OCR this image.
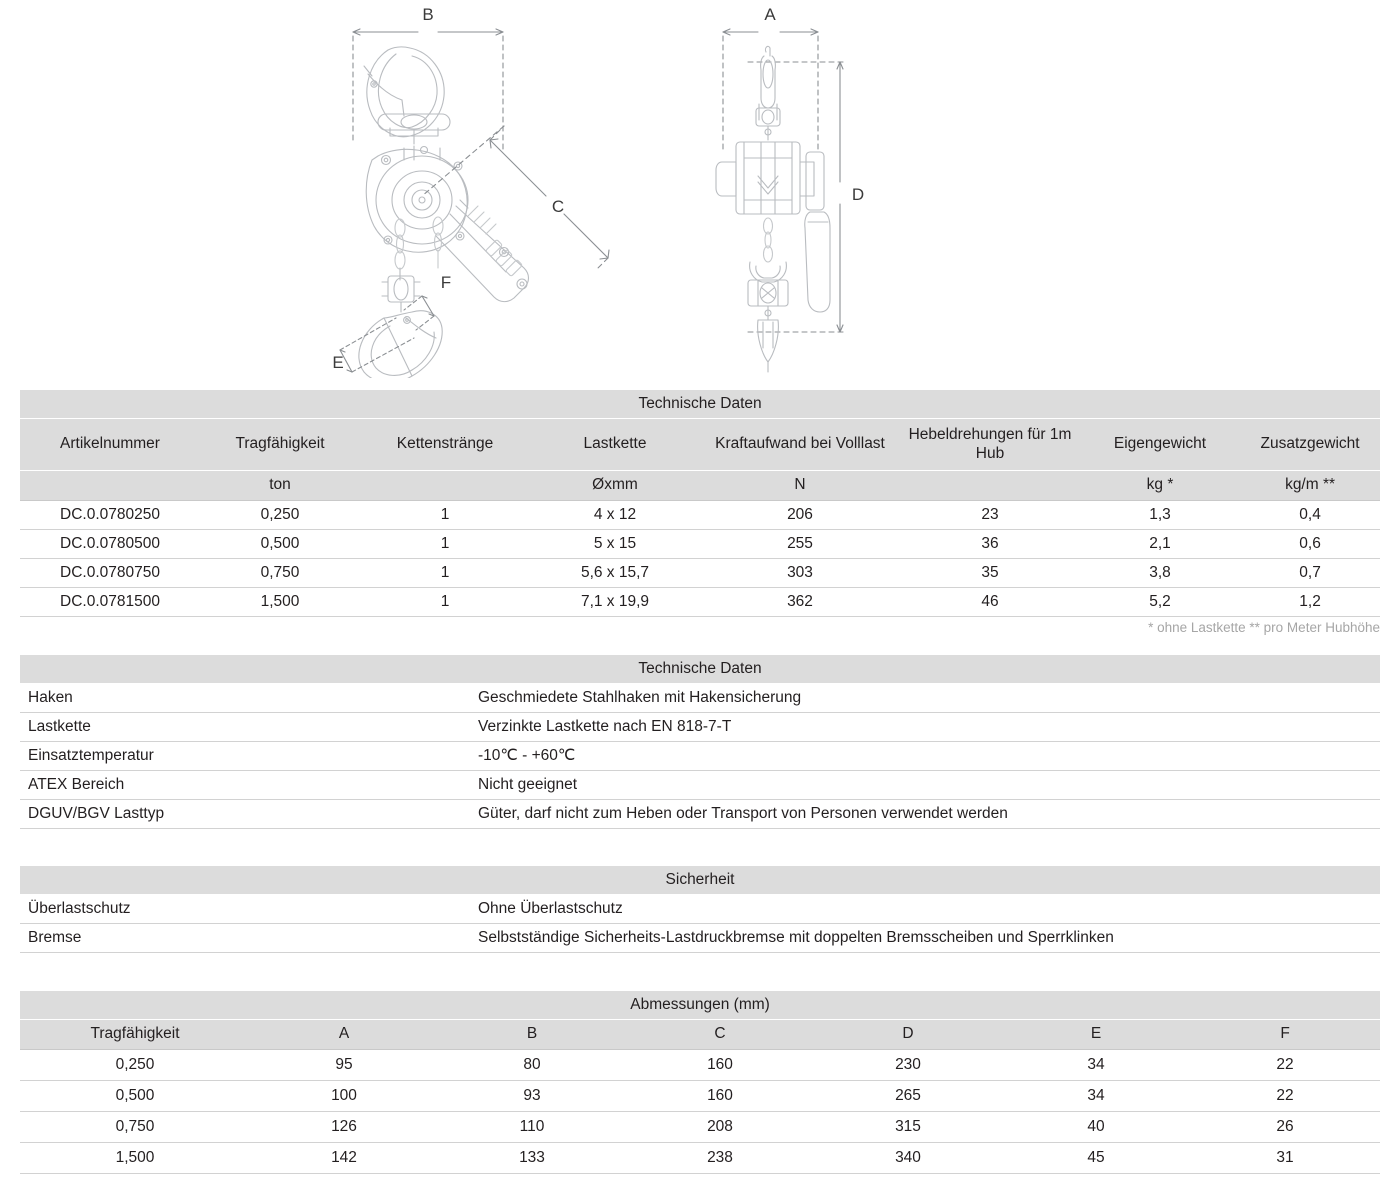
B
C
E
F
A
D
Technische Daten							
Artikelnummer	Tragfähigkeit	Kettenstränge	Lastkette	Kraftaufwand bei Volllast	Hebeldrehungen für 1m Hub	Eigengewicht	Zusatzgewicht
	ton		Øxmm	N		kg *	kg/m **
DC.0.0780250	0,250	1	4 x 12	206	23	1,3	0,4
DC.0.0780500	0,500	1	5 x 15	255	36	2,1	0,6
DC.0.0780750	0,750	1	5,6 x 15,7	303	35	3,8	0,7
DC.0.0781500	1,500	1	7,1 x 19,9	362	46	5,2	1,2
* ohne Lastkette ** pro Meter Hubhöhe
Technische Daten	
Haken	Geschmiedete Stahlhaken mit Hakensicherung
Lastkette	Verzinkte Lastkette nach EN 818-7-T
Einsatztemperatur	-10℃ - +60℃
ATEX Bereich	Nicht geeignet
DGUV/BGV Lasttyp	Güter, darf nicht zum Heben oder Transport von Personen verwendet werden
Sicherheit	
Überlastschutz	Ohne Überlastschutz
Bremse	Selbstständige Sicherheits-Lastdruckbremse mit doppelten Bremsscheiben und Sperrklinken
Abmessungen (mm)						
Tragfähigkeit	A	B	C	D	E	F
0,250	95	80	160	230	34	22
0,500	100	93	160	265	34	22
0,750	126	110	208	315	40	26
1,500	142	133	238	340	45	31
